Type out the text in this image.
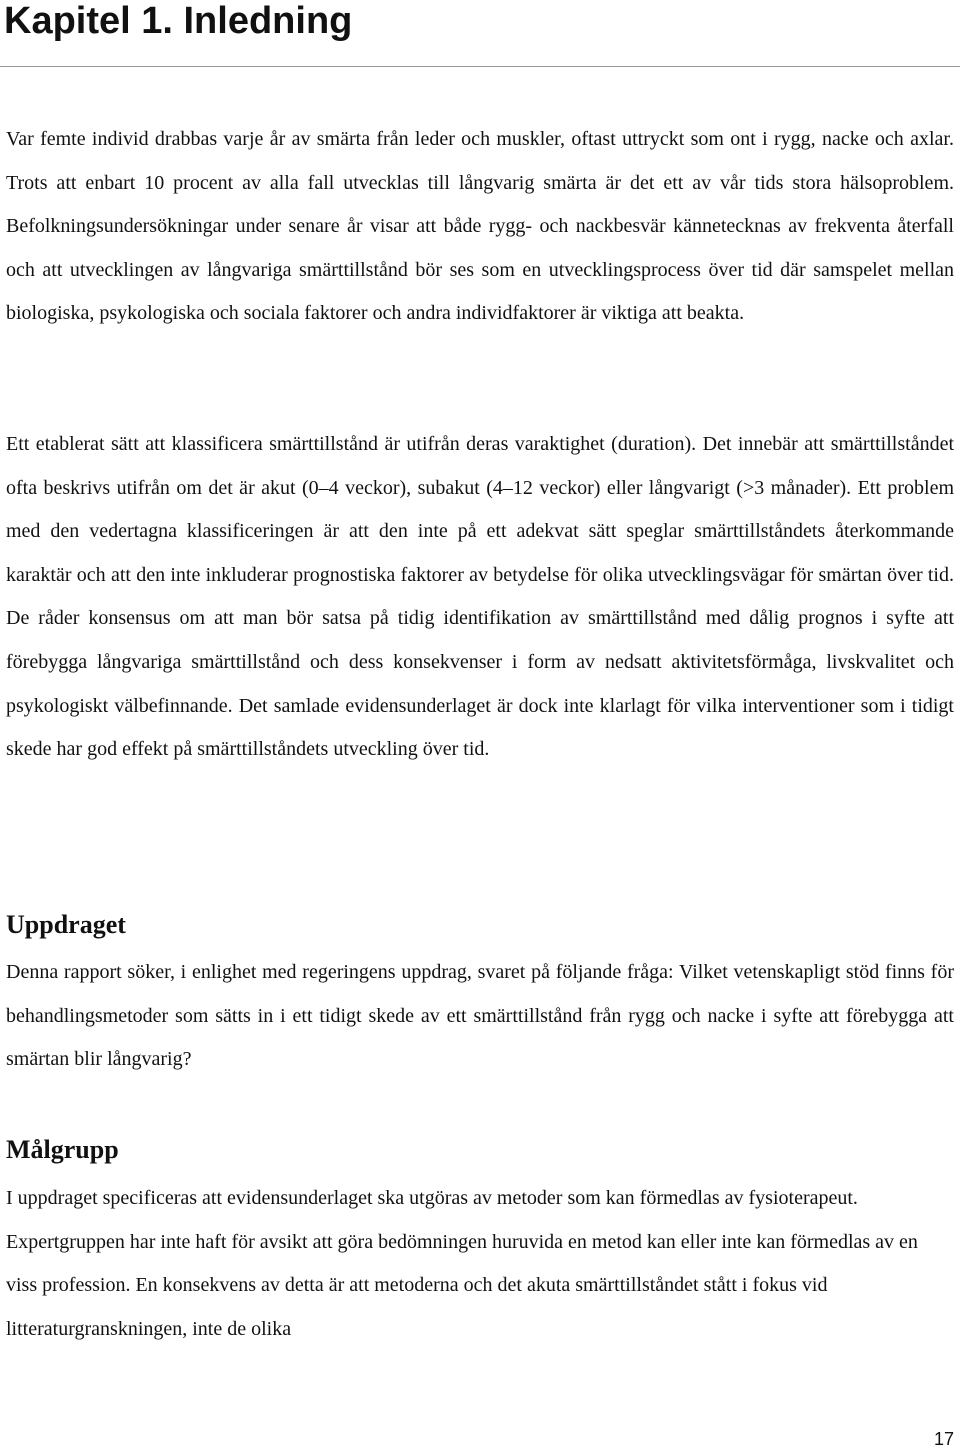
Kapitel 1. Inledning

Var femte individ drabbas varje år av smärta från leder och muskler, oftast uttryckt som ont i rygg, nacke och axlar. Trots att enbart 10 procent av alla fall utvecklas till långvarig smärta är det ett av vår tids stora hälsoproblem. Befolkningsundersökningar under senare år visar att både rygg- och nackbesvär kännetecknas av frekventa återfall och att utvecklingen av långvariga smärttillstånd bör ses som en utvecklingsprocess över tid där samspelet mellan biologiska, psykologiska och sociala faktorer och andra individfaktorer är viktiga att beakta.

Ett etablerat sätt att klassificera smärttillstånd är utifrån deras varaktighet (duration). Det innebär att smärttillståndet ofta beskrivs utifrån om det är akut (0–4 veckor), subakut (4–12 veckor) eller långvarigt (>3 månader). Ett problem med den vedertagna klassificeringen är att den inte på ett adekvat sätt speglar smärttillståndets återkommande karaktär och att den inte inkluderar prognostiska faktorer av betydelse för olika utvecklingsvägar för smärtan över tid. De råder konsensus om att man bör satsa på tidig identifikation av smärttillstånd med dålig prognos i syfte att förebygga långvariga smärttillstånd och dess konsekvenser i form av nedsatt aktivitetsförmåga, livskvalitet och psykologiskt välbefinnande. Det samlade evidensunderlaget är dock inte klarlagt för vilka interventioner som i tidigt skede har god effekt på smärttillståndets utveckling över tid.

Uppdraget

Denna rapport söker, i enlighet med regeringens uppdrag, svaret på följande fråga: Vilket vetenskapligt stöd finns för behandlingsmetoder som sätts in i ett tidigt skede av ett smärttillstånd från rygg och nacke i syfte att förebygga att smärtan blir långvarig?

Målgrupp

I uppdraget specificeras att evidensunderlaget ska utgöras av metoder som kan förmedlas av fysioterapeut. Expertgruppen har inte haft för avsikt att göra bedömningen huruvida en metod kan eller inte kan förmedlas av en viss profession. En konsekvens av detta är att metoderna och det akuta smärttillståndet stått i fokus vid litteraturgranskningen, inte de olika

17
